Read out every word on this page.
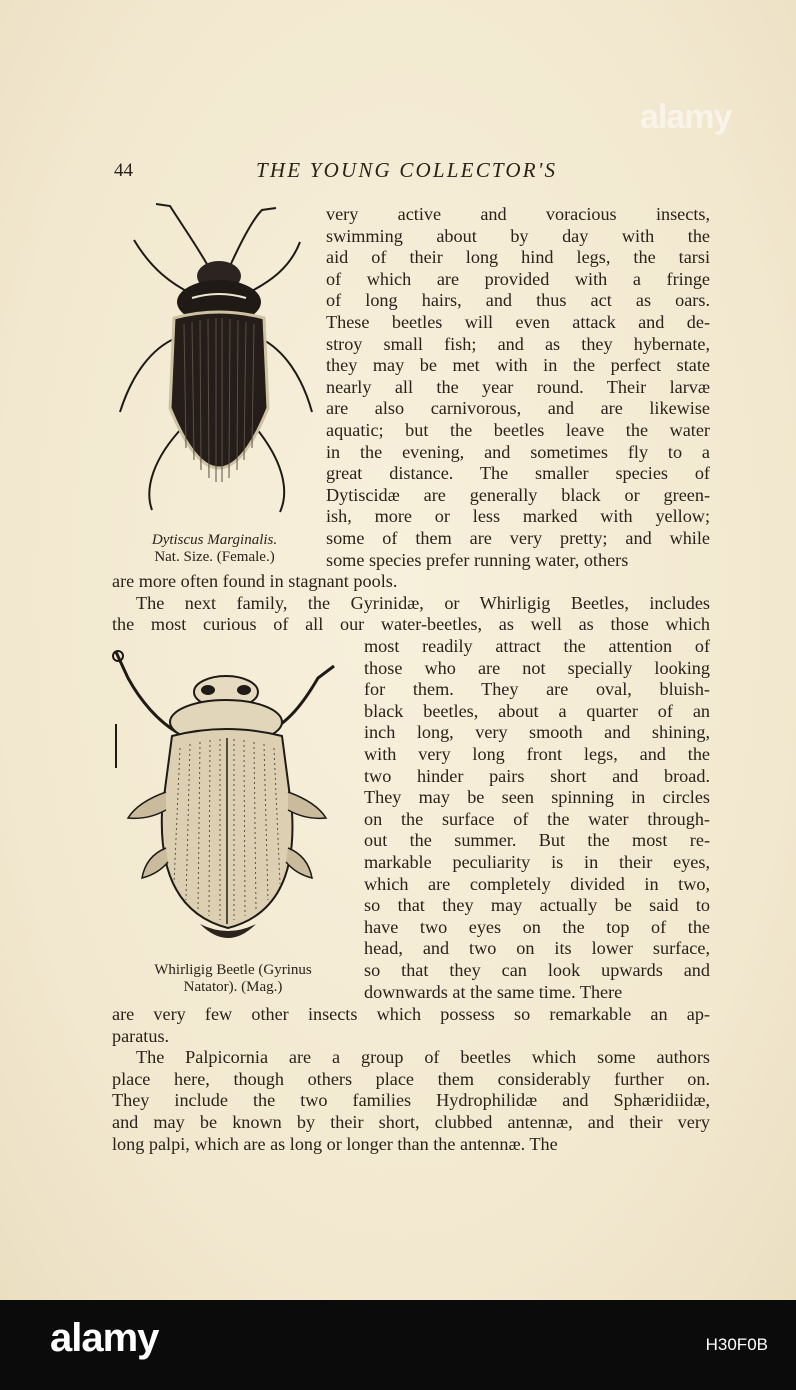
44	THE YOUNG COLLECTOR'S
Dytiscus Marginalis.
Nat. Size. (Female.)
very active and voracious insects,
swimming about by day with the
aid of their long hind legs, the tarsi
of which are provided with a fringe
of long hairs, and thus act as oars.
These beetles will even attack and de-
stroy small fish; and as they hybernate,
they may be met with in the perfect state
nearly all the year round. Their larvæ
are also carnivorous, and are likewise
aquatic; but the beetles leave the water
in the evening, and sometimes fly to a
great distance. The smaller species of
Dytiscidæ are generally black or green-
ish, more or less marked with yellow;
some of them are very pretty; and while
some species prefer running water, others
are more often found in stagnant pools.
The next family, the Gyrinidæ, or Whirligig Beetles, includes
the most curious of all our water-beetles, as well as those which
Whirligig Beetle (Gyrinus
Natator). (Mag.)
most readily attract the attention of
those who are not specially looking
for them. They are oval, bluish-
black beetles, about a quarter of an
inch long, very smooth and shining,
with very long front legs, and the
two hinder pairs short and broad.
They may be seen spinning in circles
on the surface of the water through-
out the summer. But the most re-
markable peculiarity is in their eyes,
which are completely divided in two,
so that they may actually be said to
have two eyes on the top of the
head, and two on its lower surface,
so that they can look upwards and
downwards at the same time. There
are very few other insects which possess so remarkable an ap-
paratus.
The Palpicornia are a group of beetles which some authors
place here, though others place them considerably further on.
They include the two families Hydrophilidæ and Sphæridiidæ,
and may be known by their short, clubbed antennæ, and their very
long palpi, which are as long or longer than the antennæ. The
alamy
alamy	H30F0B
